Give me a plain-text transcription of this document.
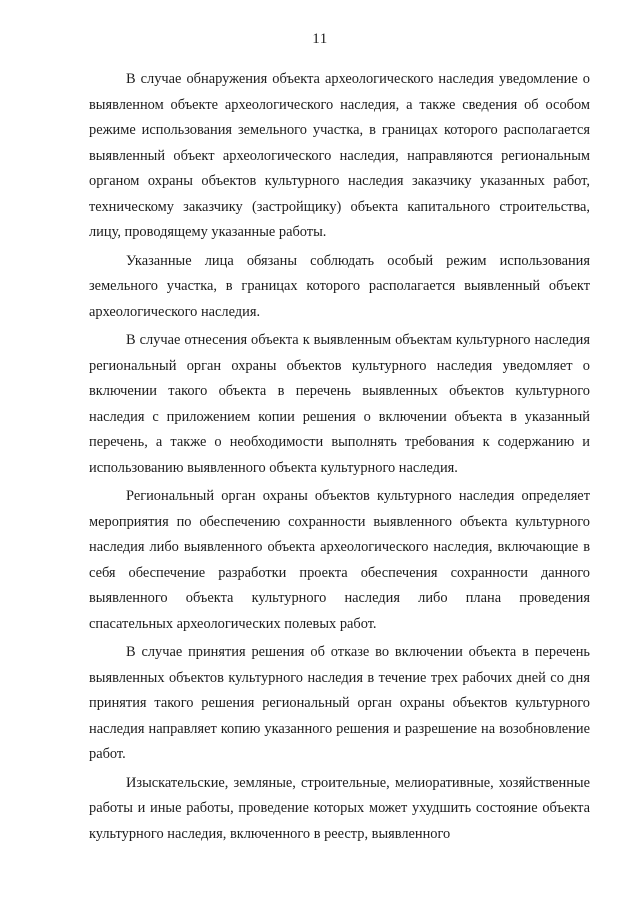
11

В случае обнаружения объекта археологического наследия уведомление о выявленном объекте археологического наследия, а также сведения об особом режиме использования земельного участка, в границах которого располагается выявленный объект археологического наследия, направляются региональным органом охраны объектов культурного наследия заказчику указанных работ, техническому заказчику (застройщику) объекта капитального строительства, лицу, проводящему указанные работы.

Указанные лица обязаны соблюдать особый режим использования земельного участка, в границах которого располагается выявленный объект археологического наследия.

В случае отнесения объекта к выявленным объектам культурного наследия региональный орган охраны объектов культурного наследия уведомляет о включении такого объекта в перечень выявленных объектов культурного наследия с приложением копии решения о включении объекта в указанный перечень, а также о необходимости выполнять требования к содержанию и использованию выявленного объекта культурного наследия.

Региональный орган охраны объектов культурного наследия определяет мероприятия по обеспечению сохранности выявленного объекта культурного наследия либо выявленного объекта археологического наследия, включающие в себя обеспечение разработки проекта обеспечения сохранности данного выявленного объекта культурного наследия либо плана проведения спасательных археологических полевых работ.

В случае принятия решения об отказе во включении объекта в перечень выявленных объектов культурного наследия в течение трех рабочих дней со дня принятия такого решения региональный орган охраны объектов культурного наследия направляет копию указанного решения и разрешение на возобновление работ.

Изыскательские, земляные, строительные, мелиоративные, хозяйственные работы и иные работы, проведение которых может ухудшить состояние объекта культурного наследия, включенного в реестр, выявленного
